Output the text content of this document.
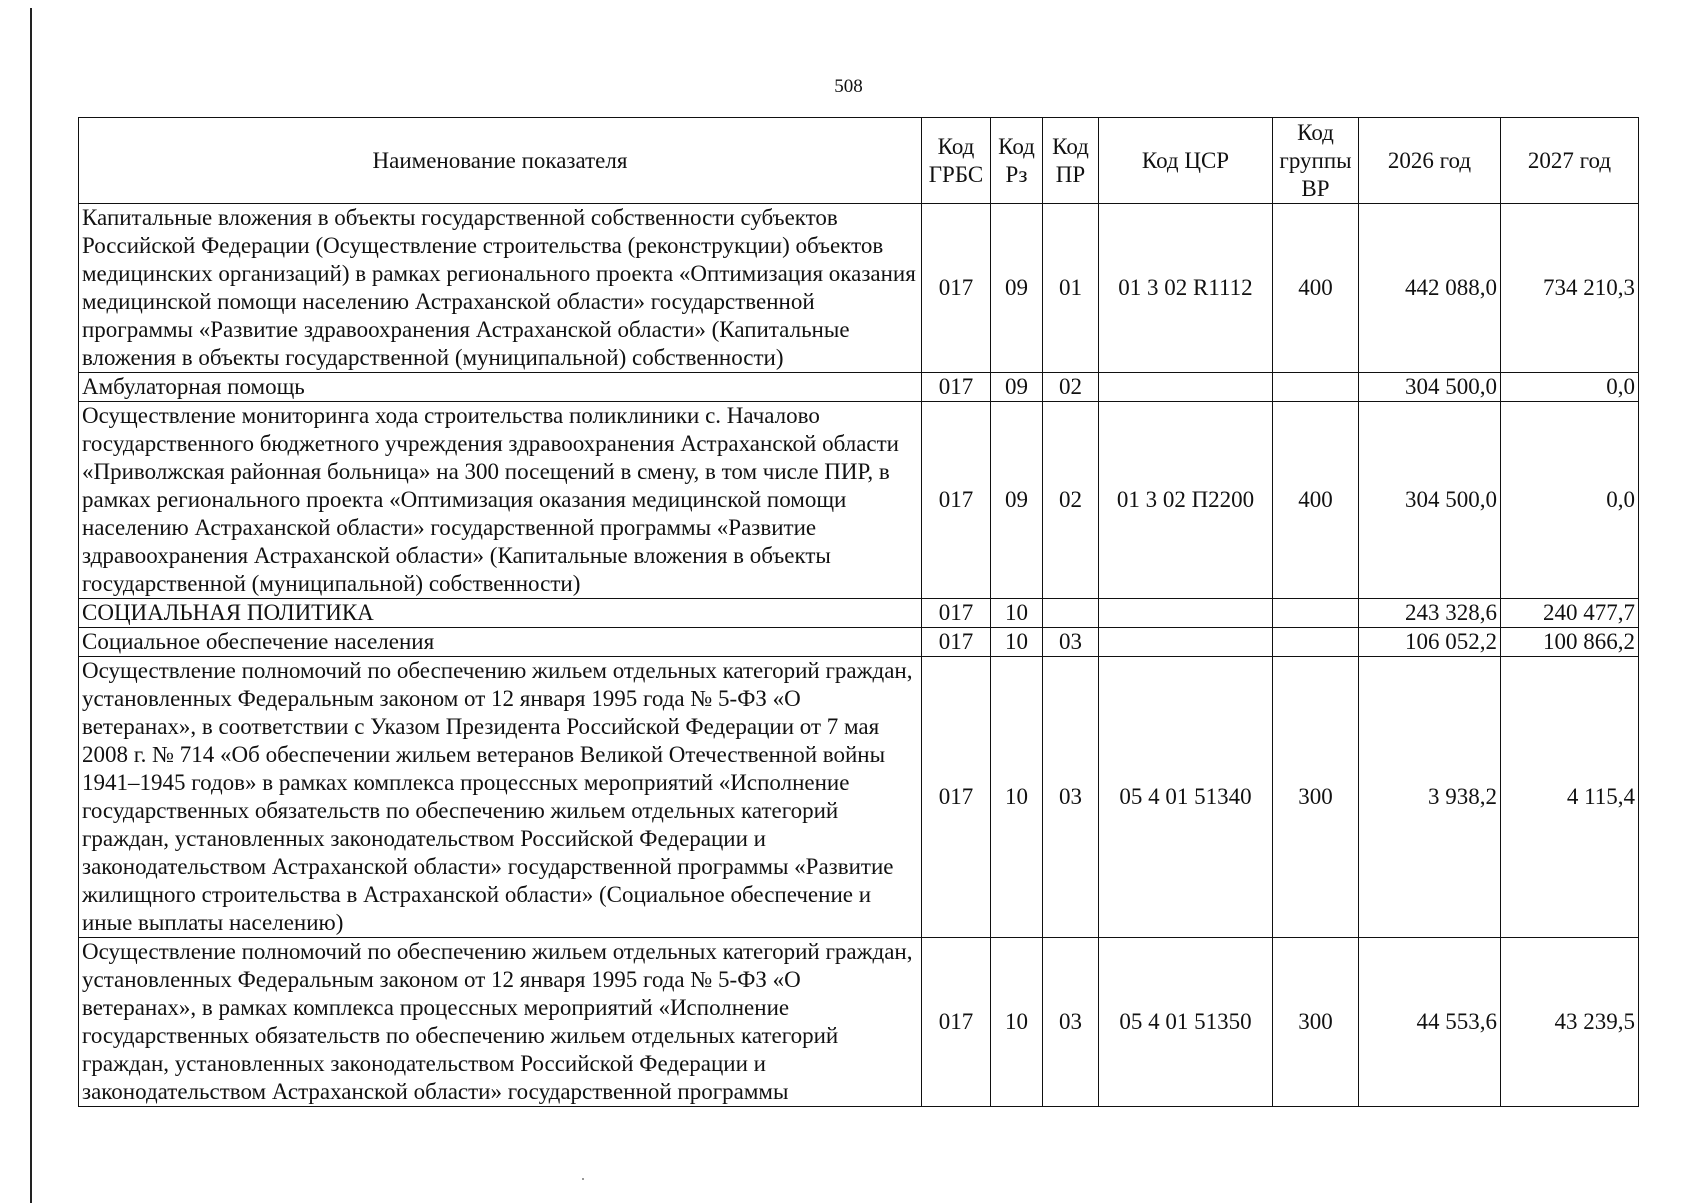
508
Наименование показателя	Код ГРБС	Код Рз	Код ПР	Код ЦСР	Код группы ВР	2026 год	2027 год
Капитальные вложения в объекты государственной собственности субъектов Российской Федерации (Осуществление строительства (реконструкции) объектов медицинских организаций) в рамках регионального проекта «Оптимизация оказания медицинской помощи населению Астраханской области» государственной программы «Развитие здравоохранения Астраханской области» (Капитальные вложения в объекты государственной (муниципальной) собственности)	017	09	01	01 3 02 R1112	400	442 088,0	734 210,3
Амбулаторная помощь	017	09	02			304 500,0	0,0
Осуществление мониторинга хода строительства поликлиники с. Началово государственного бюджетного учреждения здравоохранения Астраханской области «Приволжская районная больница» на 300 посещений в смену, в том числе ПИР, в рамках регионального проекта «Оптимизация оказания медицинской помощи населению Астраханской области» государственной программы «Развитие здравоохранения Астраханской области» (Капитальные вложения в объекты государственной (муниципальной) собственности)	017	09	02	01 3 02 П2200	400	304 500,0	0,0
СОЦИАЛЬНАЯ ПОЛИТИКА	017	10				243 328,6	240 477,7
Социальное обеспечение населения	017	10	03			106 052,2	100 866,2
Осуществление полномочий по обеспечению жильем отдельных категорий граждан, установленных Федеральным законом от 12 января 1995 года № 5-ФЗ «О ветеранах», в соответствии с Указом Президента Российской Федерации от 7 мая 2008 г. № 714 «Об обеспечении жильем ветеранов Великой Отечественной войны 1941–1945 годов» в рамках комплекса процессных мероприятий «Исполнение государственных обязательств по обеспечению жильем отдельных категорий граждан, установленных законодательством Российской Федерации и законодательством Астраханской области» государственной программы «Развитие жилищного строительства в Астраханской области» (Социальное обеспечение и иные выплаты населению)	017	10	03	05 4 01 51340	300	3 938,2	4 115,4
Осуществление полномочий по обеспечению жильем отдельных категорий граждан, установленных Федеральным законом от 12 января 1995 года № 5-ФЗ «О ветеранах», в рамках комплекса процессных мероприятий «Исполнение государственных обязательств по обеспечению жильем отдельных категорий граждан, установленных законодательством Российской Федерации и законодательством Астраханской области» государственной программы	017	10	03	05 4 01 51350	300	44 553,6	43 239,5
